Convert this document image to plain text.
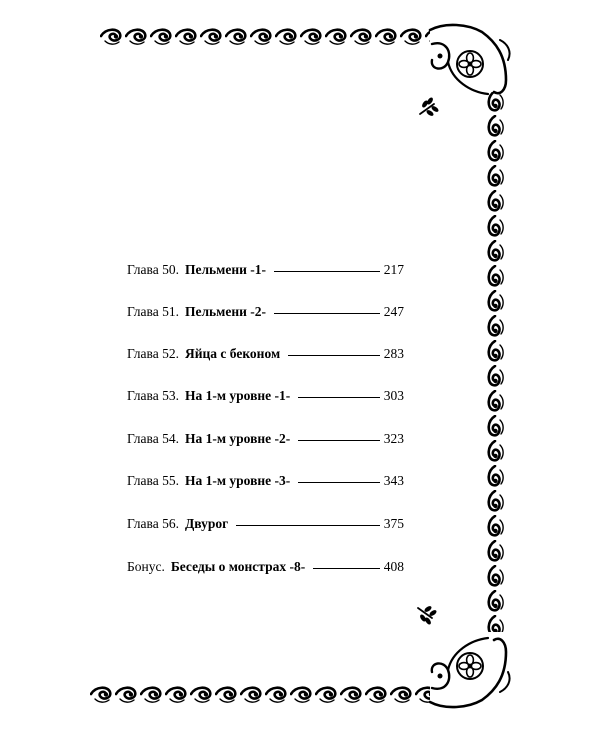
Глава 50. Пельмени -1-	217
Глава 51. Пельмени -2-	247
Глава 52. Яйца с беконом	283
Глава 53. На 1-м уровне -1-	303
Глава 54. На 1-м уровне -2-	323
Глава 55. На 1-м уровне -3-	343
Глава 56. Двурог	375
Бонус. Беседы о монстрах -8-	408
